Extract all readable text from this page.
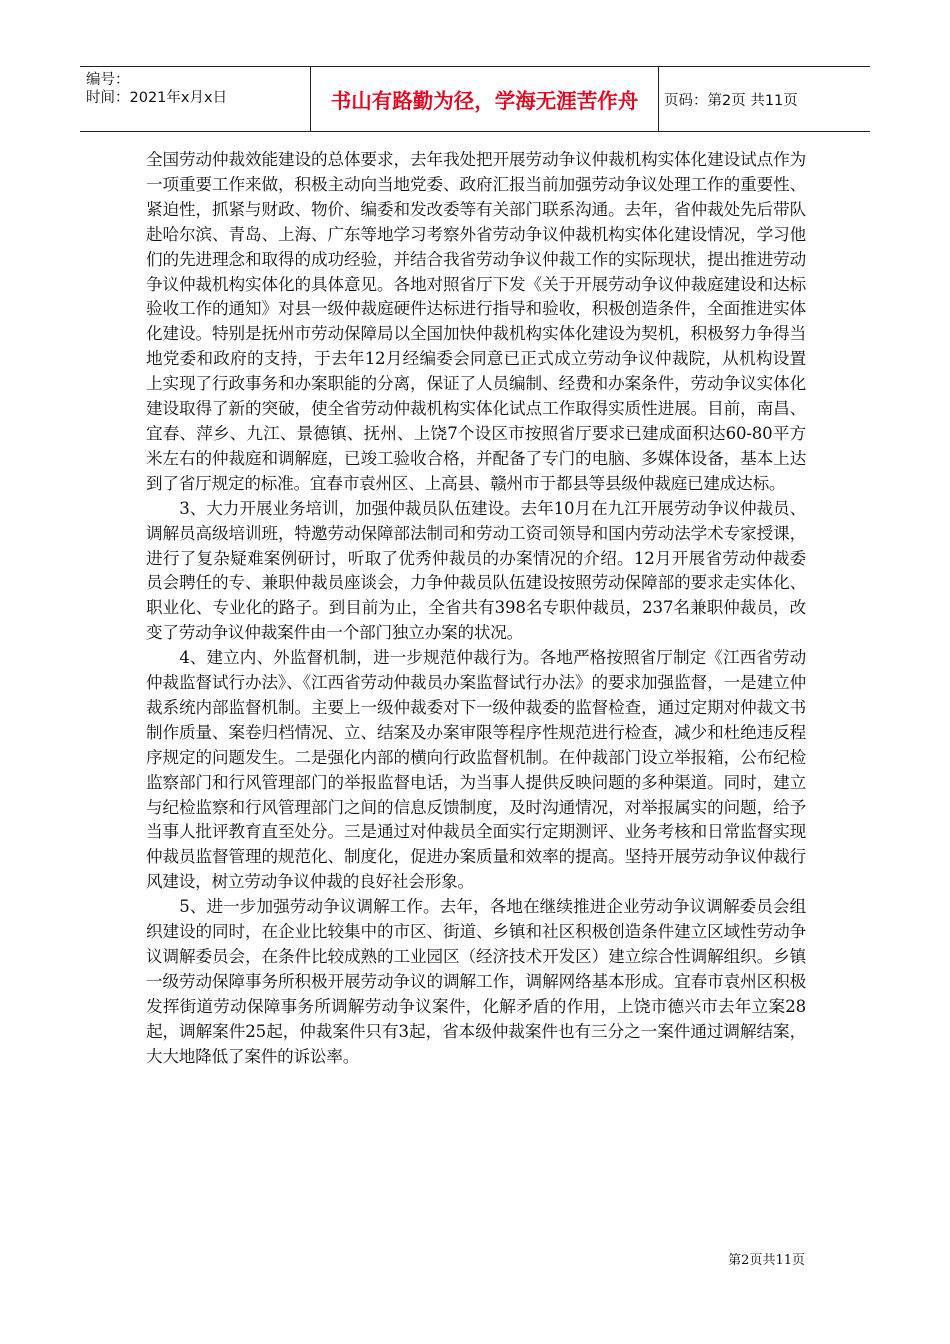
编号：
时间：2021年x月x日	书山有路勤为径，学海无涯苦作舟	页码：第2页 共11页

全国劳动仲裁效能建设的总体要求，去年我处把开展劳动争议仲裁机构实体化建设试点作为一项重要工作来做，积极主动向当地党委、政府汇报当前加强劳动争议处理工作的重要性、紧迫性，抓紧与财政、物价、编委和发改委等有关部门联系沟通。去年，省仲裁处先后带队赴哈尔滨、青岛、上海、广东等地学习考察外省劳动争议仲裁机构实体化建设情况，学习他们的先进理念和取得的成功经验，并结合我省劳动争议仲裁工作的实际现状，提出推进劳动争议仲裁机构实体化的具体意见。各地对照省厅下发《关于开展劳动争议仲裁庭建设和达标验收工作的通知》对县一级仲裁庭硬件达标进行指导和验收，积极创造条件，全面推进实体化建设。特别是抚州市劳动保障局以全国加快仲裁机构实体化建设为契机，积极努力争得当地党委和政府的支持，于去年12月经编委会同意已正式成立劳动争议仲裁院，从机构设置上实现了行政事务和办案职能的分离，保证了人员编制、经费和办案条件，劳动争议实体化建设取得了新的突破，使全省劳动仲裁机构实体化试点工作取得实质性进展。目前，南昌、宜春、萍乡、九江、景德镇、抚州、上饶7个设区市按照省厅要求已建成面积达60-80平方米左右的仲裁庭和调解庭，已竣工验收合格，并配备了专门的电脑、多媒体设备，基本上达到了省厅规定的标准。宜春市袁州区、上高县、赣州市于都县等县级仲裁庭已建成达标。

3、大力开展业务培训，加强仲裁员队伍建设。去年10月在九江开展劳动争议仲裁员、调解员高级培训班，特邀劳动保障部法制司和劳动工资司领导和国内劳动法学术专家授课，进行了复杂疑难案例研讨，听取了优秀仲裁员的办案情况的介绍。12月开展省劳动仲裁委员会聘任的专、兼职仲裁员座谈会，力争仲裁员队伍建设按照劳动保障部的要求走实体化、职业化、专业化的路子。到目前为止，全省共有398名专职仲裁员，237名兼职仲裁员，改变了劳动争议仲裁案件由一个部门独立办案的状况。

4、建立内、外监督机制，进一步规范仲裁行为。各地严格按照省厅制定《江西省劳动仲裁监督试行办法》、《江西省劳动仲裁员办案监督试行办法》的要求加强监督，一是建立仲裁系统内部监督机制。主要上一级仲裁委对下一级仲裁委的监督检查，通过定期对仲裁文书制作质量、案卷归档情况、立、结案及办案审限等程序性规范进行检查，减少和杜绝违反程序规定的问题发生。二是强化内部的横向行政监督机制。在仲裁部门设立举报箱，公布纪检监察部门和行风管理部门的举报监督电话，为当事人提供反映问题的多种渠道。同时，建立与纪检监察和行风管理部门之间的信息反馈制度，及时沟通情况，对举报属实的问题，给予当事人批评教育直至处分。三是通过对仲裁员全面实行定期测评、业务考核和日常监督实现仲裁员监督管理的规范化、制度化，促进办案质量和效率的提高。坚持开展劳动争议仲裁行风建设，树立劳动争议仲裁的良好社会形象。

5、进一步加强劳动争议调解工作。去年，各地在继续推进企业劳动争议调解委员会组织建设的同时，在企业比较集中的市区、街道、乡镇和社区积极创造条件建立区域性劳动争议调解委员会，在条件比较成熟的工业园区（经济技术开发区）建立综合性调解组织。乡镇一级劳动保障事务所积极开展劳动争议的调解工作，调解网络基本形成。宜春市袁州区积极发挥街道劳动保障事务所调解劳动争议案件，化解矛盾的作用，上饶市德兴市去年立案28起，调解案件25起，仲裁案件只有3起，省本级仲裁案件也有三分之一案件通过调解结案，大大地降低了案件的诉讼率。

第2页共11页
